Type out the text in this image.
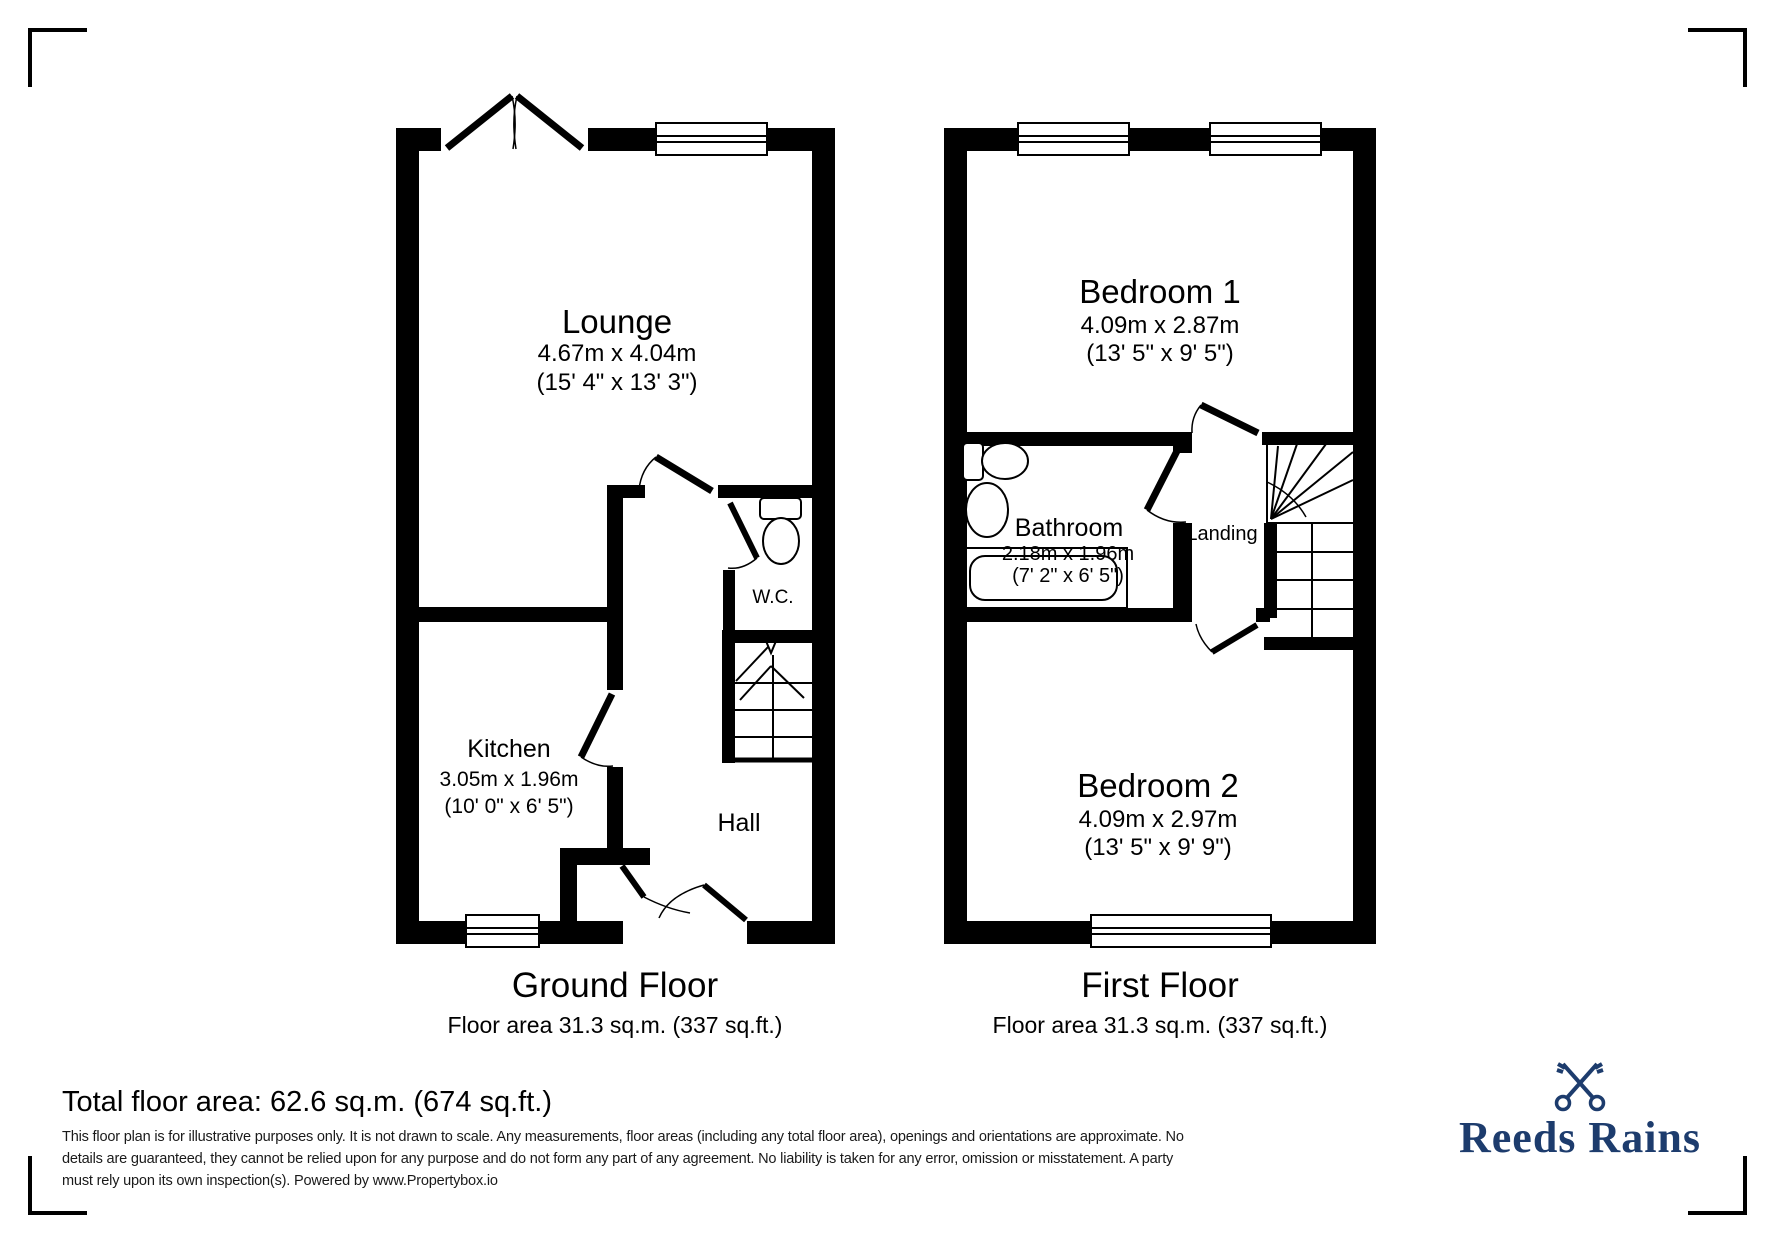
Lounge
4.67m x 4.04m
(15' 4" x 13' 3")
Kitchen
3.05m x 1.96m
(10' 0" x 6' 5")
W.C.
Hall
Bedroom 1
4.09m x 2.87m
(13' 5" x 9' 5")
Bathroom
2.18m x 1.96m
(7' 2" x 6' 5")
Landing
Bedroom 2
4.09m x 2.97m
(13' 5" x 9' 9")
Ground Floor
Floor area 31.3 sq.m. (337 sq.ft.)
First Floor
Floor area 31.3 sq.m. (337 sq.ft.)
Total floor area: 62.6 sq.m. (674 sq.ft.)
This floor plan is for illustrative purposes only. It is not drawn to scale. Any measurements, floor areas (including any total floor area), openings and orientations are approximate. No
details are guaranteed, they cannot be relied upon for any purpose and do not form any part of any agreement. No liability is taken for any error, omission or misstatement. A party
must rely upon its own inspection(s). Powered by www.Propertybox.io
Reeds Rains
